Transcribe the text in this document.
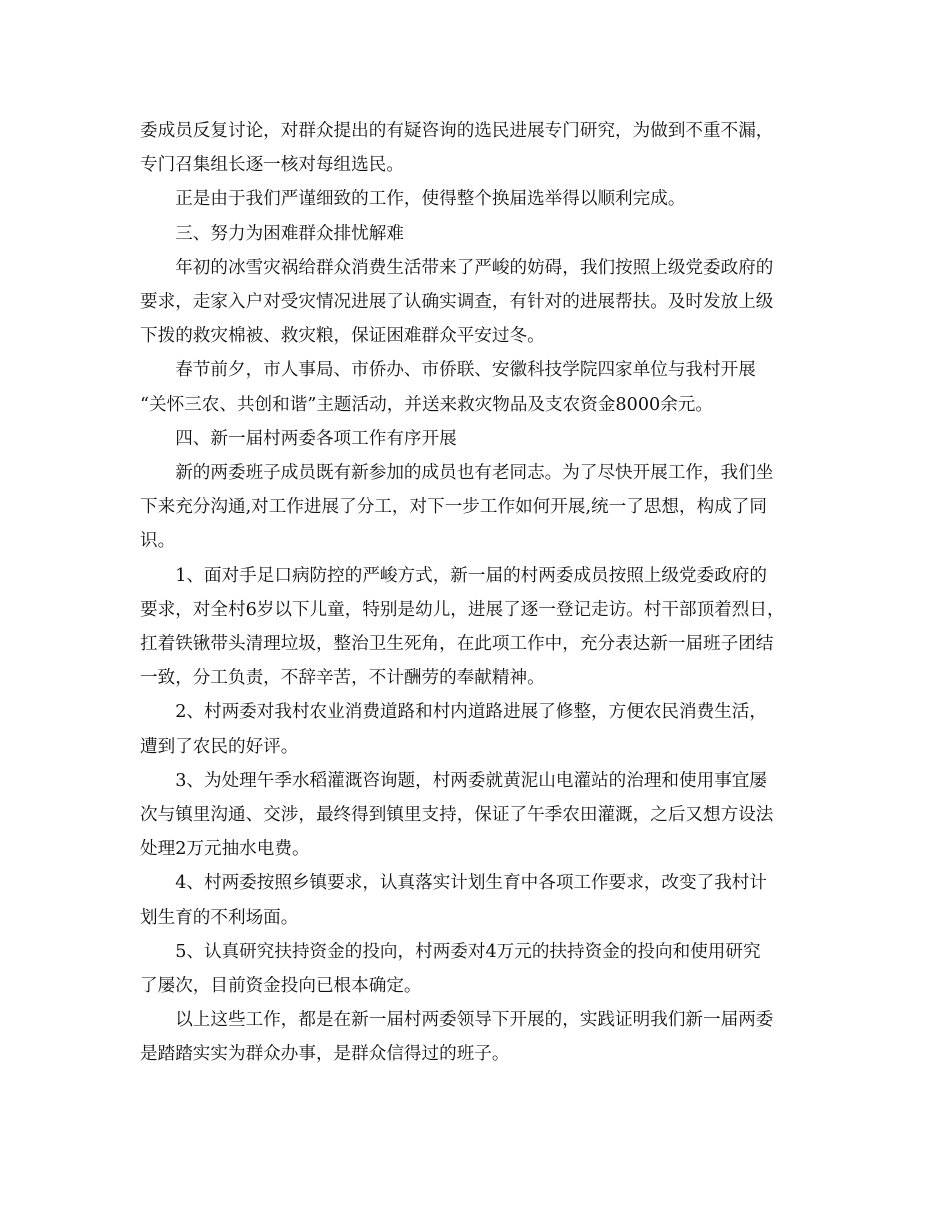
委成员反复讨论，对群众提出的有疑咨询的选民进展专门研究，为做到不重不漏，
专门召集组长逐一核对每组选民。

正是由于我们严谨细致的工作，使得整个换届选举得以顺利完成。

三、努力为困难群众排忧解难

年初的冰雪灾祸给群众消费生活带来了严峻的妨碍，我们按照上级党委政府的
要求，走家入户对受灾情况进展了认确实调查，有针对的进展帮扶。及时发放上级
下拨的救灾棉被、救灾粮，保证困难群众平安过冬。

春节前夕，市人事局、市侨办、市侨联、安徽科技学院四家单位与我村开展
“关怀三农、共创和谐”主题活动，并送来救灾物品及支农资金8000余元。

四、新一届村两委各项工作有序开展

新的两委班子成员既有新参加的成员也有老同志。为了尽快开展工作，我们坐
下来充分沟通,对工作进展了分工，对下一步工作如何开展,统一了思想，构成了同
识。

1、面对手足口病防控的严峻方式，新一届的村两委成员按照上级党委政府的
要求，对全村6岁以下儿童，特别是幼儿，进展了逐一登记走访。村干部顶着烈日，
扛着铁锹带头清理垃圾，整治卫生死角，在此项工作中，充分表达新一届班子团结
一致，分工负责，不辞辛苦，不计酬劳的奉献精神。

2、村两委对我村农业消费道路和村内道路进展了修整，方便农民消费生活，
遭到了农民的好评。

3、为处理午季水稻灌溉咨询题，村两委就黄泥山电灌站的治理和使用事宜屡
次与镇里沟通、交涉，最终得到镇里支持，保证了午季农田灌溉，之后又想方设法
处理2万元抽水电费。

4、村两委按照乡镇要求，认真落实计划生育中各项工作要求，改变了我村计
划生育的不利场面。

5、认真研究扶持资金的投向，村两委对4万元的扶持资金的投向和使用研究
了屡次，目前资金投向已根本确定。

以上这些工作，都是在新一届村两委领导下开展的，实践证明我们新一届两委
是踏踏实实为群众办事，是群众信得过的班子。
